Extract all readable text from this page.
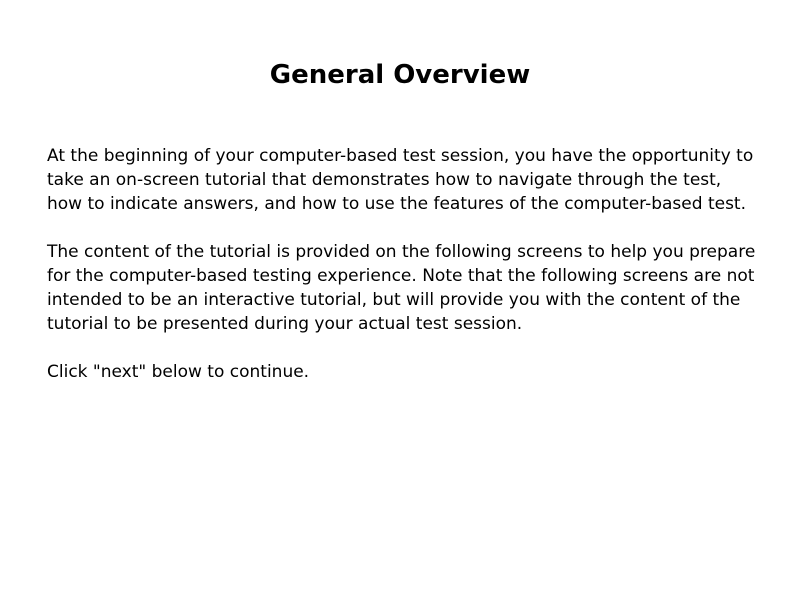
General Overview

At the beginning of your computer-based test session, you have the opportunity to take an on-screen tutorial that demonstrates how to navigate through the test, how to indicate answers, and how to use the features of the computer-based test.

The content of the tutorial is provided on the following screens to help you prepare for the computer-based testing experience. Note that the following screens are not intended to be an interactive tutorial, but will provide you with the content of the tutorial to be presented during your actual test session.

Click "next" below to continue.
